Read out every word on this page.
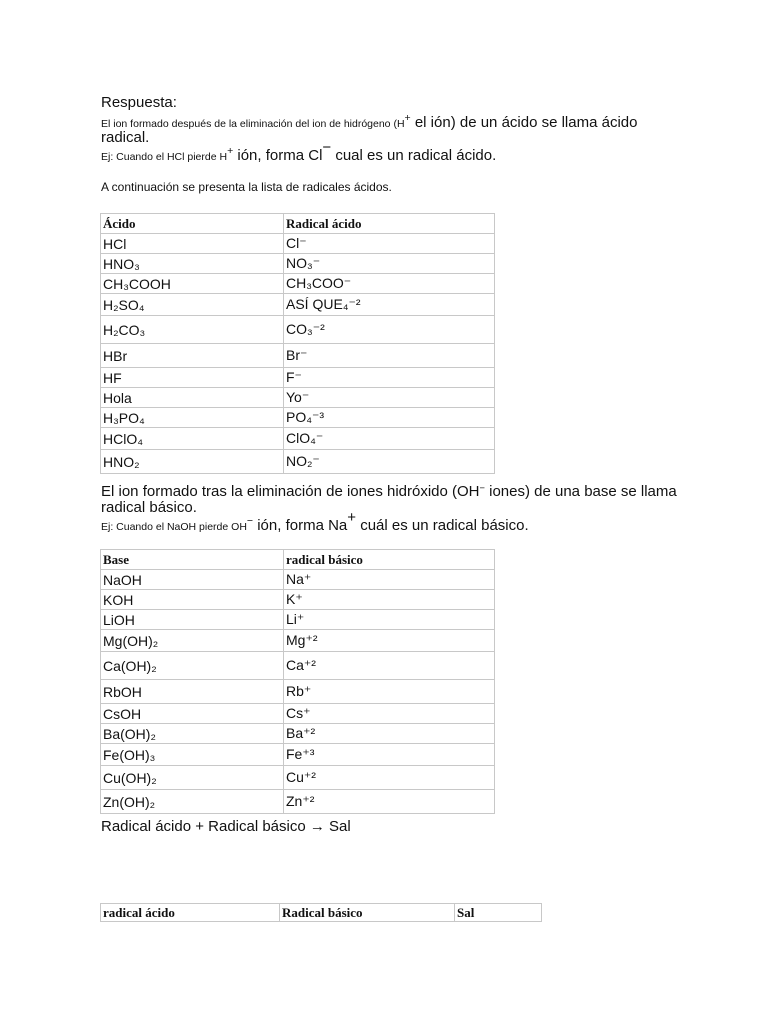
Respuesta:
El ion formado después de la eliminación del ion de hidrógeno (H+ el ión) de un ácido se llama ácido
radical.
Ej: Cuando el HCl pierde H+ ión, forma Cl− cual es un radical ácido.
A continuación se presenta la lista de radicales ácidos.
Ácido	Radical ácido
HCl	Cl⁻
HNO₃	NO₃⁻
CH₃COOH	CH₃COO⁻
H₂SO₄	ASÍ QUE₄⁻²
H₂CO₃	CO₃⁻²
HBr	Br⁻
HF	F⁻
Hola	Yo⁻
H₃PO₄	PO₄⁻³
HClO₄	ClO₄⁻
HNO₂	NO₂⁻
El ion formado tras la eliminación de iones hidróxido (OH− iones) de una base se llama
radical básico.
Ej: Cuando el NaOH pierde OH− ión, forma Na+ cuál es un radical básico.
Base	radical básico
NaOH	Na⁺
KOH	K⁺
LiOH	Li⁺
Mg(OH)₂	Mg⁺²
Ca(OH)₂	Ca⁺²
RbOH	Rb⁺
CsOH	Cs⁺
Ba(OH)₂	Ba⁺²
Fe(OH)₃	Fe⁺³
Cu(OH)₂	Cu⁺²
Zn(OH)₂	Zn⁺²
Radical ácido + Radical básico → Sal
radical ácido	Radical básico	Sal
